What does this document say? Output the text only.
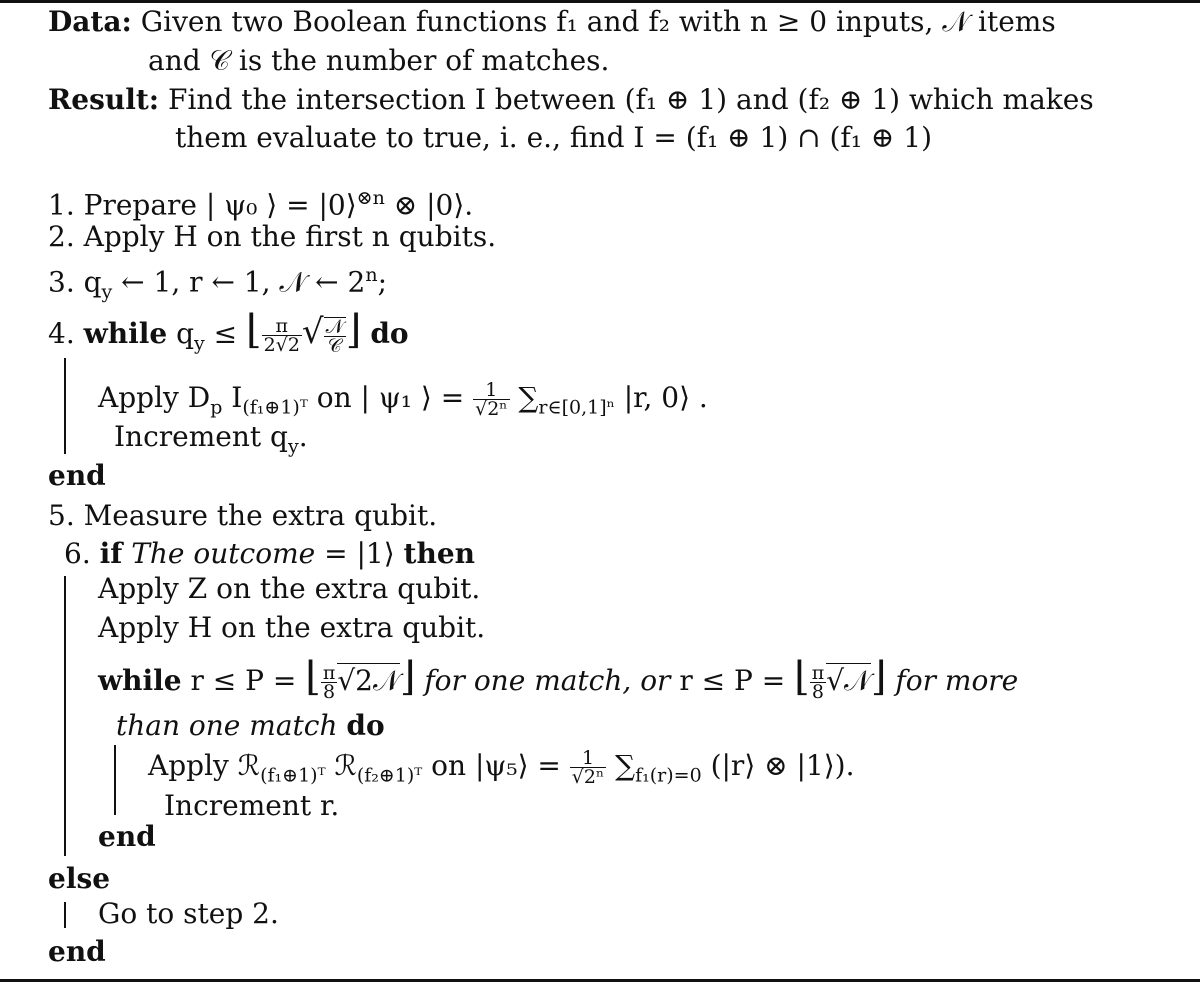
Data: Given two Boolean functions f₁ and f₂ with n ≥ 0 inputs, 𝒩 items
and 𝒞 is the number of matches.
Result: Find the intersection I between (f₁ ⊕ 1) and (f₂ ⊕ 1) which makes
them evaluate to true, i. e., find I = (f₁ ⊕ 1) ∩ (f₁ ⊕ 1)
1. Prepare | ψ₀ ⟩ = |0⟩$^{\otimes n}$ ⊗ |0⟩.
2. Apply H on the first n qubits.
3. $q_y$ ← 1, r ← 1, 𝒩 ← 2$^n$;
4. while $q_y$ ≤ ⌊ $\frac{\pi}{2√2}$ √ $\frac{\text{𝒩}}{\text{𝒞}}$ ⌋ do
Apply $D_p$ $I_{(f_1\oplus 1)ᵀ}$ on | ψ₁ ⟩ = $\frac{1}{\text{√2ⁿ}} \sum_{r\in[0,1]^n}$ |r, 0⟩ .
Increment $q_y$.
end
5. Measure the extra qubit.
6. if The outcome = |1⟩ then
Apply Z on the extra qubit.
Apply H on the extra qubit.
while r ≤ P = ⌊ $\frac{\pi}{8}$ √2𝒩⌋ for one match, or r ≤ P = ⌊ $\frac{\pi}{8}$ √𝒩⌋ for more
than one match do
Apply ℛ$_{(f_1\oplus 1)ᵀ}$ ℛ$_{(f_2\oplus 1)ᵀ}$ on |ψ₅⟩ = $\frac{1}{\text{√2ⁿ}} \sum_{f_1(r)=0}$ (|r⟩ ⊗ |1⟩).
Increment r.
end
else
Go to step 2.
end
